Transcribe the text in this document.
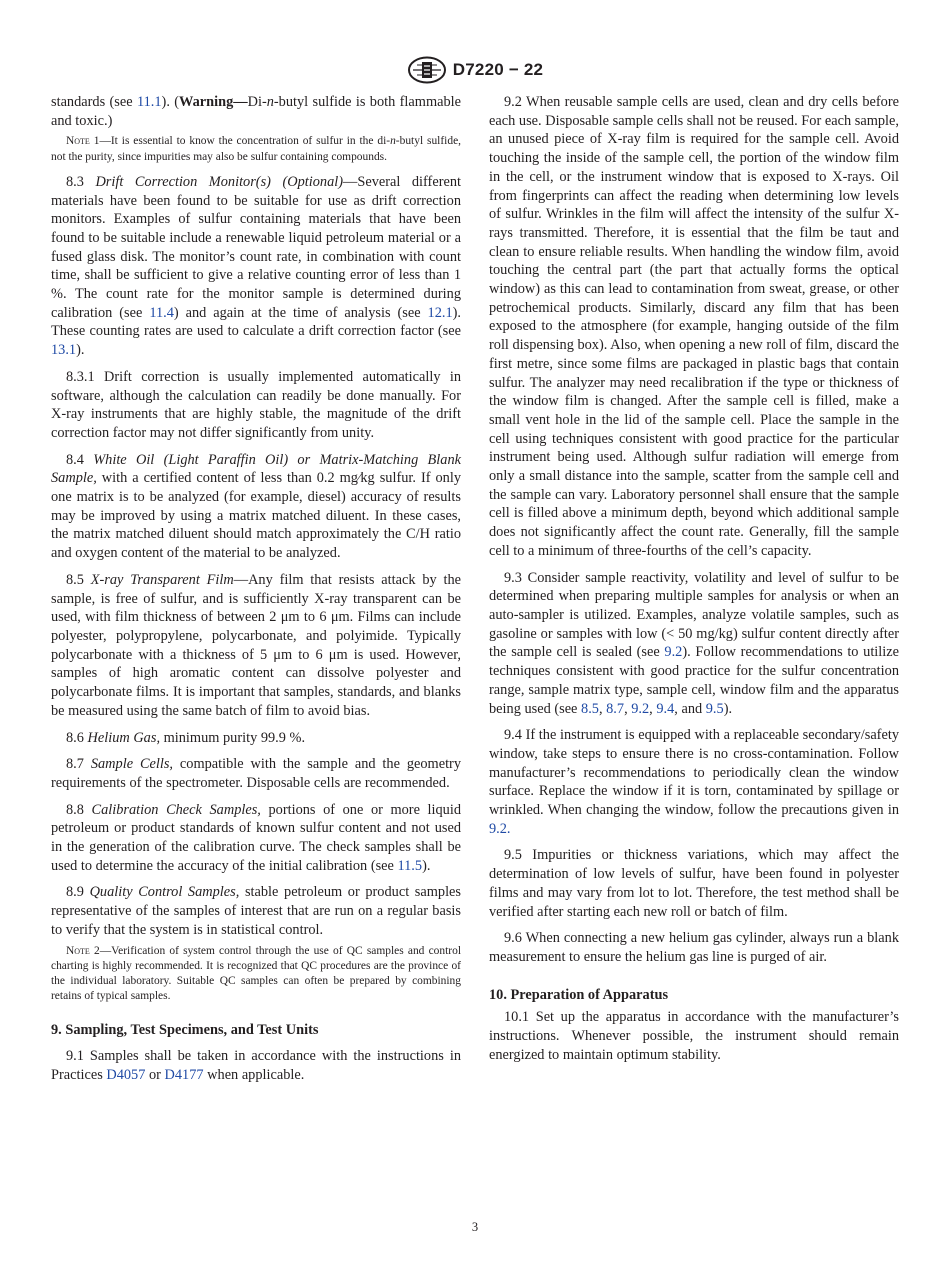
D7220 − 22

standards (see 11.1). (Warning—Di-n-butyl sulfide is both flammable and toxic.)

Note 1—It is essential to know the concentration of sulfur in the di-n-butyl sulfide, not the purity, since impurities may also be sulfur containing compounds.

8.3 Drift Correction Monitor(s) (Optional)—Several different materials have been found to be suitable for use as drift correction monitors. Examples of sulfur containing materials that have been found to be suitable include a renewable liquid petroleum material or a fused glass disk. The monitor’s count rate, in combination with count time, shall be sufficient to give a relative counting error of less than 1 %. The count rate for the monitor sample is determined during calibration (see 11.4) and again at the time of analysis (see 12.1). These counting rates are used to calculate a drift correction factor (see 13.1).

8.3.1 Drift correction is usually implemented automatically in software, although the calculation can readily be done manually. For X-ray instruments that are highly stable, the magnitude of the drift correction factor may not differ significantly from unity.

8.4 White Oil (Light Paraffin Oil) or Matrix-Matching Blank Sample, with a certified content of less than 0.2 mg⁄kg sulfur. If only one matrix is to be analyzed (for example, diesel) accuracy of results may be improved by using a matrix matched diluent. In these cases, the matrix matched diluent should match approximately the C/H ratio and oxygen content of the material to be analyzed.

8.5 X-ray Transparent Film—Any film that resists attack by the sample, is free of sulfur, and is sufficiently X-ray transparent can be used, with film thickness of between 2 μm to 6 μm. Films can include polyester, polypropylene, polycarbonate, and polyimide. Typically polycarbonate with a thickness of 5 μm to 6 μm is used. However, samples of high aromatic content can dissolve polyester and polycarbonate films. It is important that samples, standards, and blanks be measured using the same batch of film to avoid bias.

8.6 Helium Gas, minimum purity 99.9 %.

8.7 Sample Cells, compatible with the sample and the geometry requirements of the spectrometer. Disposable cells are recommended.

8.8 Calibration Check Samples, portions of one or more liquid petroleum or product standards of known sulfur content and not used in the generation of the calibration curve. The check samples shall be used to determine the accuracy of the initial calibration (see 11.5).

8.9 Quality Control Samples, stable petroleum or product samples representative of the samples of interest that are run on a regular basis to verify that the system is in statistical control.

Note 2—Verification of system control through the use of QC samples and control charting is highly recommended. It is recognized that QC procedures are the province of the individual laboratory. Suitable QC samples can often be prepared by combining retains of typical samples.

9. Sampling, Test Specimens, and Test Units

9.1 Samples shall be taken in accordance with the instructions in Practices D4057 or D4177 when applicable.

9.2 When reusable sample cells are used, clean and dry cells before each use. Disposable sample cells shall not be reused. For each sample, an unused piece of X-ray film is required for the sample cell. Avoid touching the inside of the sample cell, the portion of the window film in the cell, or the instrument window that is exposed to X-rays. Oil from fingerprints can affect the reading when determining low levels of sulfur. Wrinkles in the film will affect the intensity of the sulfur X-rays transmitted. Therefore, it is essential that the film be taut and clean to ensure reliable results. When handling the window film, avoid touching the central part (the part that actually forms the optical window) as this can lead to contamination from sweat, grease, or other petrochemical products. Similarly, discard any film that has been exposed to the atmosphere (for example, hanging outside of the film roll dispensing box). Also, when opening a new roll of film, discard the first metre, since some films are packaged in plastic bags that contain sulfur. The analyzer may need recalibration if the type or thickness of the window film is changed. After the sample cell is filled, make a small vent hole in the lid of the sample cell. Place the sample in the cell using techniques consistent with good practice for the particular instrument being used. Although sulfur radiation will emerge from only a small distance into the sample, scatter from the sample cell and the sample can vary. Laboratory personnel shall ensure that the sample cell is filled above a minimum depth, beyond which additional sample does not significantly affect the count rate. Generally, fill the sample cell to a minimum of three-fourths of the cell’s capacity.

9.3 Consider sample reactivity, volatility and level of sulfur to be determined when preparing multiple samples for analysis or when an auto-sampler is utilized. Examples, analyze volatile samples, such as gasoline or samples with low (< 50 mg/kg) sulfur content directly after the sample cell is sealed (see 9.2). Follow recommendations to utilize techniques consistent with good practice for the sulfur concentration range, sample matrix type, sample cell, window film and the apparatus being used (see 8.5, 8.7, 9.2, 9.4, and 9.5).

9.4 If the instrument is equipped with a replaceable secondary/safety window, take steps to ensure there is no cross-contamination. Follow manufacturer’s recommendations to periodically clean the window surface. Replace the window if it is torn, contaminated by spillage or wrinkled. When changing the window, follow the precautions given in 9.2.

9.5 Impurities or thickness variations, which may affect the determination of low levels of sulfur, have been found in polyester films and may vary from lot to lot. Therefore, the test method shall be verified after starting each new roll or batch of film.

9.6 When connecting a new helium gas cylinder, always run a blank measurement to ensure the helium gas line is purged of air.

10. Preparation of Apparatus

10.1 Set up the apparatus in accordance with the manufacturer’s instructions. Whenever possible, the instrument should remain energized to maintain optimum stability.

3
